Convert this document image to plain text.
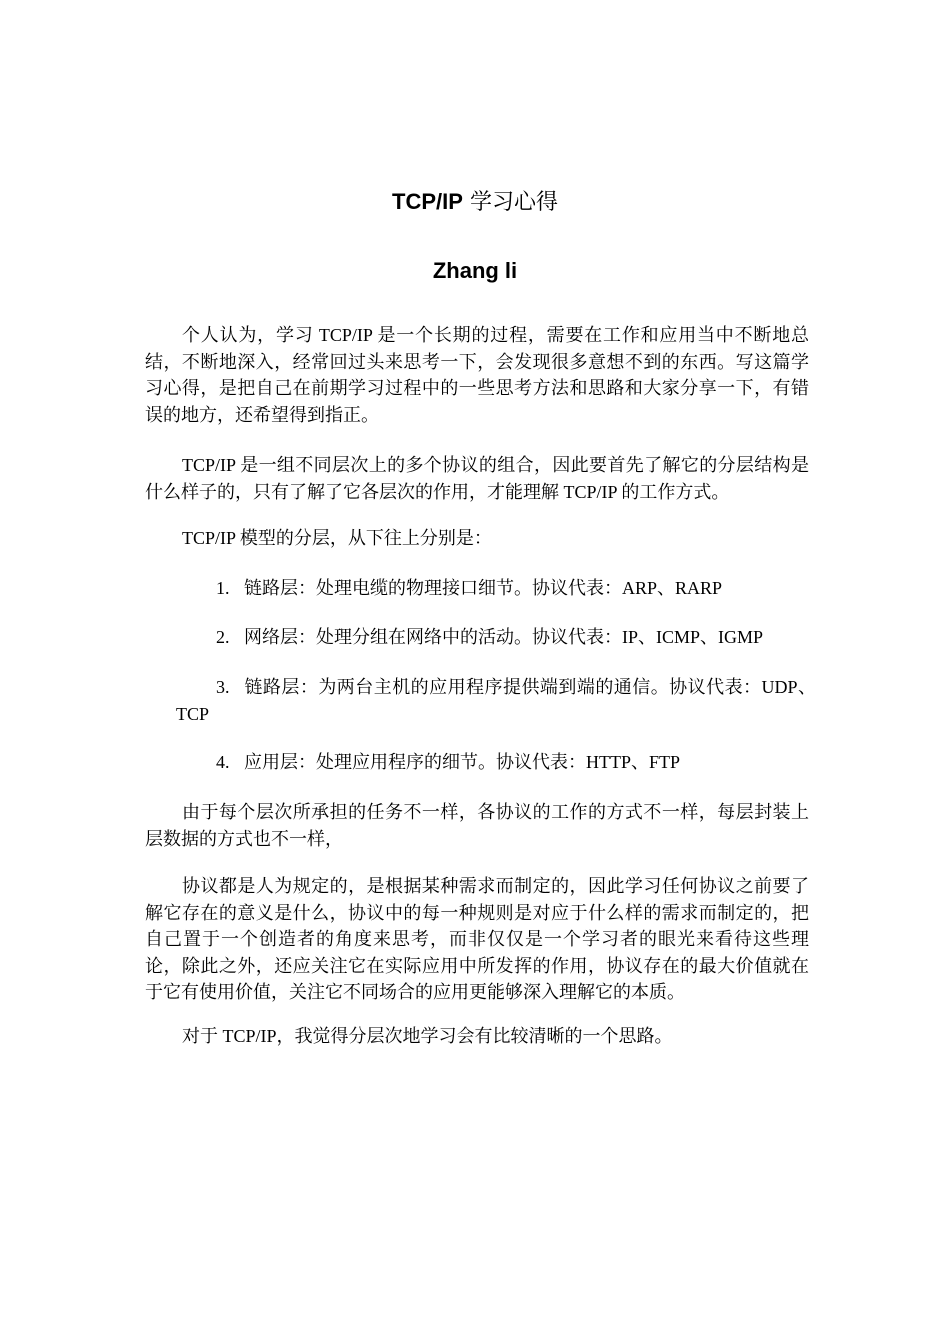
TCP/IP 学习心得
Zhang li
个人认为，学习 TCP/IP 是一个长期的过程，需要在工作和应用当中不断地总结，不断地深入，经常回过头来思考一下，会发现很多意想不到的东西。写这篇学习心得，是把自己在前期学习过程中的一些思考方法和思路和大家分享一下，有错误的地方，还希望得到指正。
TCP/IP 是一组不同层次上的多个协议的组合，因此要首先了解它的分层结构是什么样子的，只有了解了它各层次的作用，才能理解 TCP/IP 的工作方式。
TCP/IP 模型的分层，从下往上分别是：
1. 链路层：处理电缆的物理接口细节。协议代表：ARP、RARP
2. 网络层：处理分组在网络中的活动。协议代表：IP、ICMP、IGMP
3. 链路层：为两台主机的应用程序提供端到端的通信。协议代表：UDP、TCP
4. 应用层：处理应用程序的细节。协议代表：HTTP、FTP
由于每个层次所承担的任务不一样，各协议的工作的方式不一样，每层封装上层数据的方式也不一样，
协议都是人为规定的，是根据某种需求而制定的，因此学习任何协议之前要了解它存在的意义是什么，协议中的每一种规则是对应于什么样的需求而制定的，把自己置于一个创造者的角度来思考，而非仅仅是一个学习者的眼光来看待这些理论，除此之外，还应关注它在实际应用中所发挥的作用，协议存在的最大价值就在于它有使用价值，关注它不同场合的应用更能够深入理解它的本质。
对于 TCP/IP，我觉得分层次地学习会有比较清晰的一个思路。
